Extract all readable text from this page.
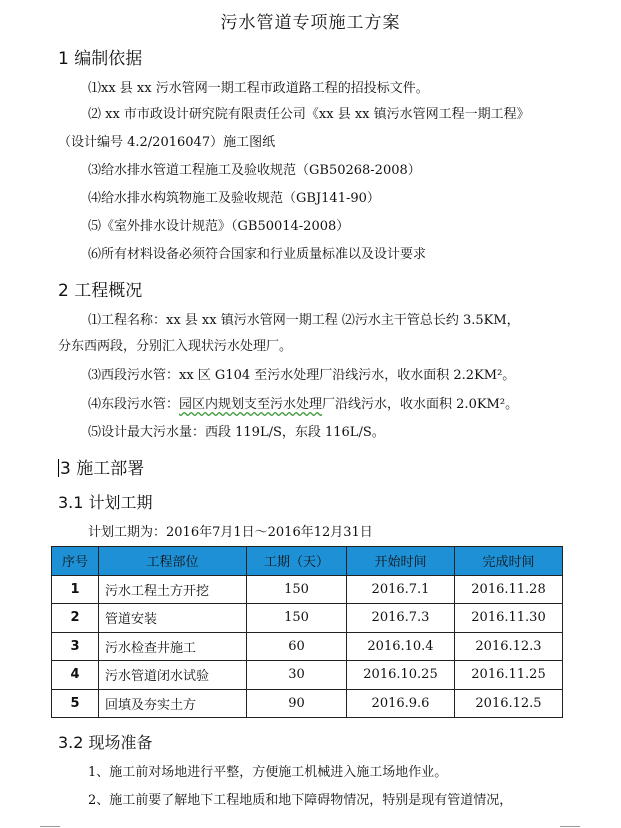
污水管道专项施工方案
1 编制依据
⑴xx 县 xx 污水管网一期工程市政道路工程的招投标文件。
⑵ xx 市市政设计研究院有限责任公司《xx 县 xx 镇污水管网工程一期工程》
（设计编号 4.2/2016047）施工图纸
⑶给水排水管道工程施工及验收规范（GB50268-2008）
⑷给水排水构筑物施工及验收规范（GBJ141-90）
⑸《室外排水设计规范》（GB50014-2008）
⑹所有材料设备必须符合国家和行业质量标准以及设计要求
2 工程概况
⑴工程名称：xx 县 xx 镇污水管网一期工程 ⑵污水主干管总长约 3.5KM，
分东西两段，分别汇入现状污水处理厂。
⑶西段污水管：xx 区 G104 至污水处理厂沿线污水，收水面积 2.2KM²。
⑷东段污水管：园区内规划支至污水处理厂沿线污水，收水面积 2.0KM²。
⑸设计最大污水量：西段 119L/S，东段 116L/S。
3 施工部署
3.1 计划工期
计划工期为：2016年7月1日～2016年12月31日
序号	工程部位	工期（天）	开始时间	完成时间
1	污水工程土方开挖	150	2016.7.1	2016.11.28
2	管道安装	150	2016.7.3	2016.11.30
3	污水检查井施工	60	2016.10.4	2016.12.3
4	污水管道闭水试验	30	2016.10.25	2016.11.25
5	回填及夯实土方	90	2016.9.6	2016.12.5
3.2 现场准备
1、施工前对场地进行平整，方便施工机械进入施工场地作业。
2、施工前要了解地下工程地质和地下障碍物情况，特别是现有管道情况，
